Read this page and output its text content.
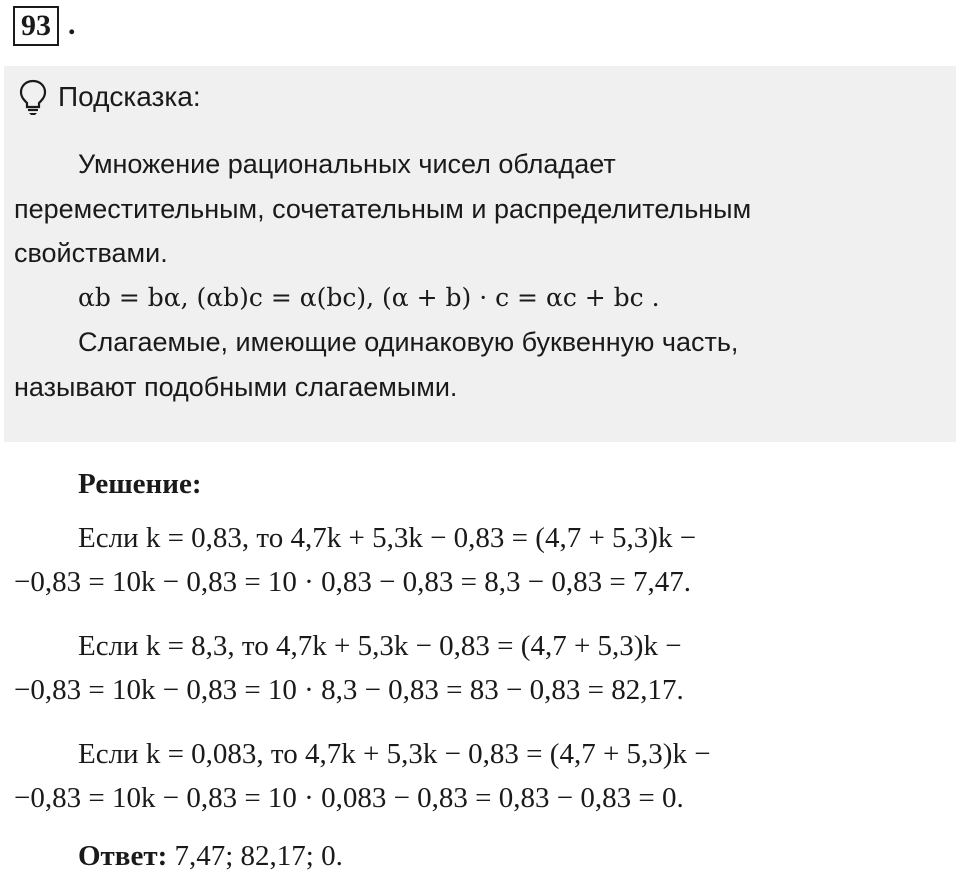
93 .
Подсказка:
Умножение рациональных чисел обладает
переместительным, сочетательным и распределительным
свойствами.
αb = bα, (αb)c = α(bc), (α + b) · c = αc + bc .
Слагаемые, имеющие одинаковую буквенную часть,
называют подобными слагаемыми.
Решение:
Если k = 0,83, то 4,7k + 5,3k − 0,83 = (4,7 + 5,3)k −
−0,83 = 10k − 0,83 = 10 · 0,83 − 0,83 = 8,3 − 0,83 = 7,47.
Если k = 8,3, то 4,7k + 5,3k − 0,83 = (4,7 + 5,3)k −
−0,83 = 10k − 0,83 = 10 · 8,3 − 0,83 = 83 − 0,83 = 82,17.
Если k = 0,083, то 4,7k + 5,3k − 0,83 = (4,7 + 5,3)k −
−0,83 = 10k − 0,83 = 10 · 0,083 − 0,83 = 0,83 − 0,83 = 0.
Ответ: 7,47; 82,17; 0.
